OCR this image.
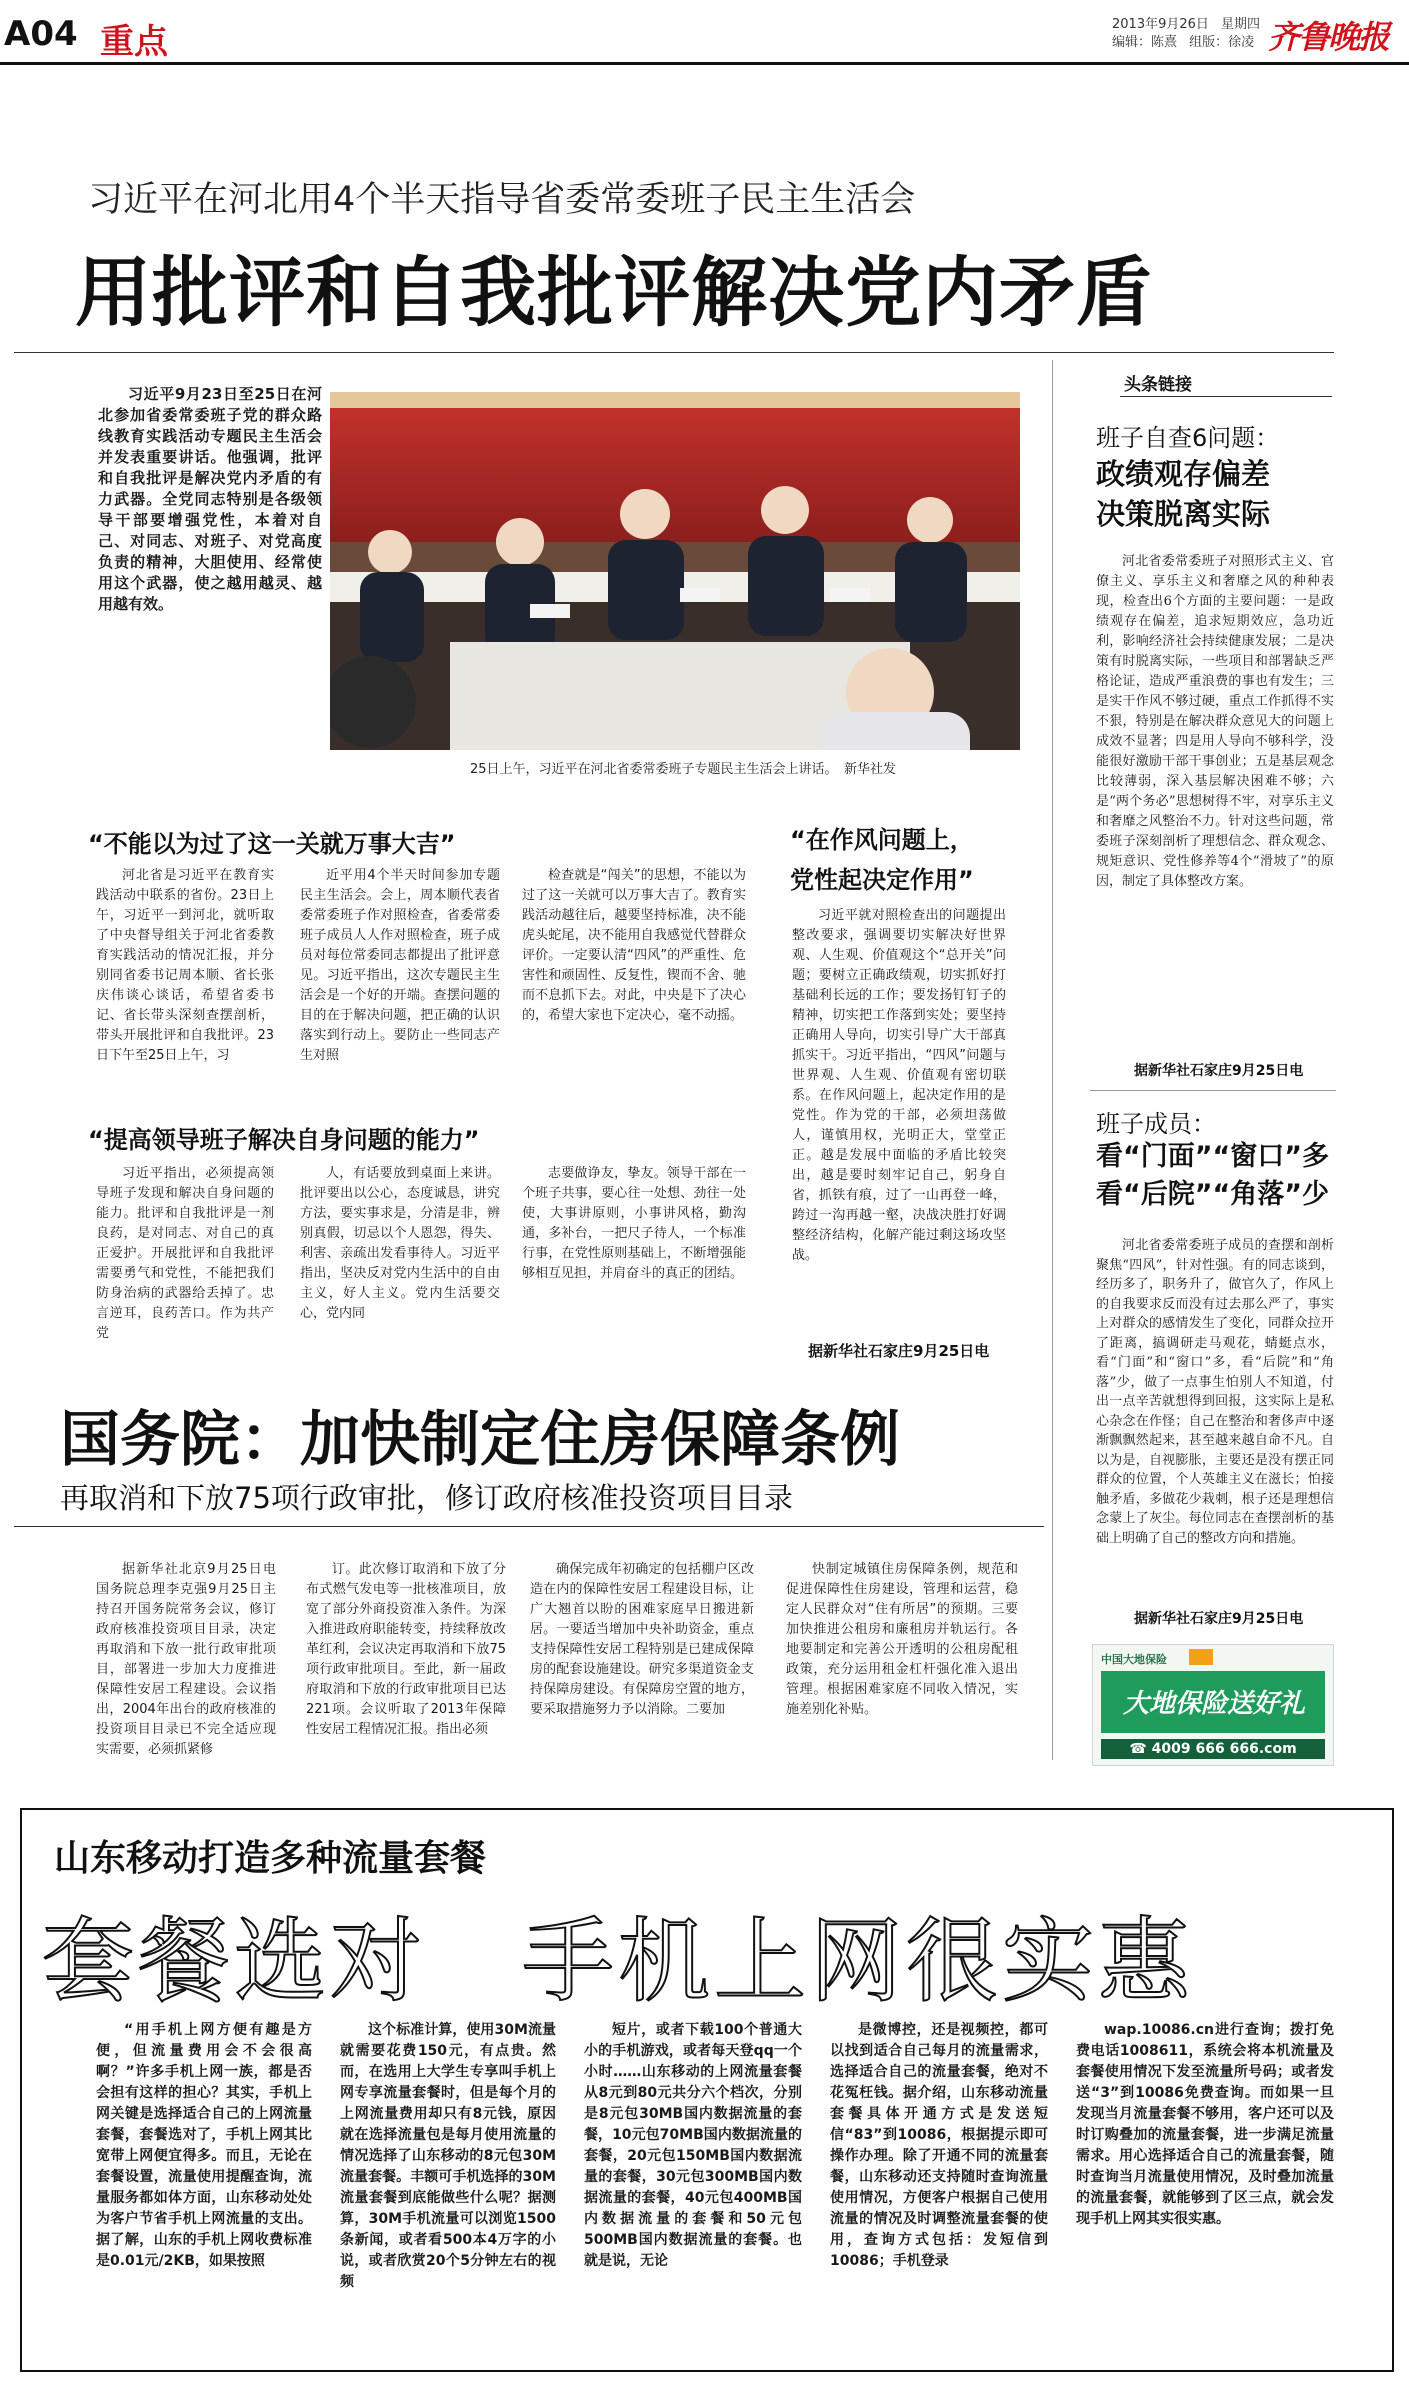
A04 重点	2013年9月26日 星期四
编辑：陈熹 组版：徐凌 齐鲁晚报
习近平在河北用4个半天指导省委常委班子民主生活会
用批评和自我批评解决党内矛盾

习近平9月23日至25日在河北参加省委常委班子党的群众路线教育实践活动专题民主生活会并发表重要讲话。他强调，批评和自我批评是解决党内矛盾的有力武器。全党同志特别是各级领导干部要增强党性，本着对自己、对同志、对班子、对党高度负责的精神，大胆使用、经常使用这个武器，使之越用越灵、越用越有效。

25日上午，习近平在河北省委常委班子专题民主生活会上讲话。　新华社发
“不能以为过了这一关就万事大吉”

河北省是习近平在教育实践活动中联系的省份。23日上午，习近平一到河北，就听取了中央督导组关于河北省委教育实践活动的情况汇报，并分别同省委书记周本顺、省长张庆伟谈心谈话，希望省委书记、省长带头深刻查摆剖析，带头开展批评和自我批评。23日下午至25日上午，习

近平用4个半天时间参加专题民主生活会。会上，周本顺代表省委常委班子作对照检查，省委常委班子成员人人作对照检查，班子成员对每位常委同志都提出了批评意见。习近平指出，这次专题民主生活会是一个好的开端。查摆问题的目的在于解决问题，把正确的认识落实到行动上。要防止一些同志产生对照

检查就是“闯关”的思想，不能以为过了这一关就可以万事大吉了。教育实践活动越往后，越要坚持标准，决不能虎头蛇尾，决不能用自我感觉代替群众评价。一定要认清“四风”的严重性、危害性和顽固性、反复性，锲而不舍、驰而不息抓下去。对此，中央是下了决心的，希望大家也下定决心，毫不动摇。

“提高领导班子解决自身问题的能力”

习近平指出，必须提高领导班子发现和解决自身问题的能力。批评和自我批评是一剂良药，是对同志、对自己的真正爱护。开展批评和自我批评需要勇气和党性，不能把我们防身治病的武器给丢掉了。忠言逆耳，良药苦口。作为共产党

人，有话要放到桌面上来讲。批评要出以公心，态度诚恳，讲究方法，要实事求是，分清是非，辨别真假，切忌以个人恩怨，得失、利害、亲疏出发看事待人。习近平指出，坚决反对党内生活中的自由主义，好人主义。党内生活要交心，党内同

志要做诤友，挚友。领导干部在一个班子共事，要心往一处想、劲往一处使，大事讲原则，小事讲风格，勤沟通，多补台，一把尺子待人，一个标准行事，在党性原则基础上，不断增强能够相互见担，并肩奋斗的真正的团结。

“在作风问题上，
党性起决定作用”

习近平就对照检查出的问题提出整改要求，强调要切实解决好世界观、人生观、价值观这个“总开关”问题；要树立正确政绩观，切实抓好打基础利长远的工作；要发扬钉钉子的精神，切实把工作落到实处；要坚持正确用人导向，切实引导广大干部真抓实干。习近平指出，“四风”问题与世界观、人生观、价值观有密切联系。在作风问题上，起决定作用的是党性。作为党的干部，必须坦荡做人，谨慎用权，光明正大，堂堂正正。越是发展中面临的矛盾比较突出，越是要时刻牢记自己，躬身自省，抓铁有痕，过了一山再登一峰，跨过一沟再越一壑，决战决胜打好调整经济结构，化解产能过剩这场攻坚战。

据新华社石家庄9月25日电
头条链接
班子自查6问题：
政绩观存偏差
决策脱离实际

河北省委常委班子对照形式主义、官僚主义、享乐主义和奢靡之风的种种表现，检查出6个方面的主要问题：一是政绩观存在偏差，追求短期效应，急功近利，影响经济社会持续健康发展；二是决策有时脱离实际，一些项目和部署缺乏严格论证，造成严重浪费的事也有发生；三是实干作风不够过硬，重点工作抓得不实不狠，特别是在解决群众意见大的问题上成效不显著；四是用人导向不够科学，没能很好激励干部干事创业；五是基层观念比较薄弱，深入基层解决困难不够；六是“两个务必”思想树得不牢，对享乐主义和奢靡之风整治不力。针对这些问题，常委班子深刻剖析了理想信念、群众观念、规矩意识、党性修养等4个“滑坡了”的原因，制定了具体整改方案。

据新华社石家庄9月25日电
班子成员：
看“门面”“窗口”多
看“后院”“角落”少

河北省委常委班子成员的查摆和剖析聚焦“四风”，针对性强。有的同志谈到，经历多了，职务升了，做官久了，作风上的自我要求反而没有过去那么严了，事实上对群众的感情发生了变化，同群众拉开了距离，搞调研走马观花，蜻蜓点水，看“门面”和“窗口”多，看“后院”和“角落”少，做了一点事生怕别人不知道，付出一点辛苦就想得到回报，这实际上是私心杂念在作怪；自己在整治和奢侈声中逐渐飘飘然起来，甚至越来越自命不凡。自以为是，自视膨胀，主要还是没有摆正同群众的位置，个人英雄主义在滋长；怕接触矛盾，多做花少栽刺，根子还是理想信念蒙上了灰尘。每位同志在查摆剖析的基础上明确了自己的整改方向和措施。

据新华社石家庄9月25日电
中国大地保险
大地保险送好礼
☎ 4009 666 666.com
国务院：加快制定住房保障条例
再取消和下放75项行政审批，修订政府核准投资项目目录

据新华社北京9月25日电　国务院总理李克强9月25日主持召开国务院常务会议，修订政府核准投资项目目录，决定再取消和下放一批行政审批项目，部署进一步加大力度推进保障性安居工程建设。会议指出，2004年出台的政府核准的投资项目目录已不完全适应现实需要，必须抓紧修

订。此次修订取消和下放了分布式燃气发电等一批核准项目，放宽了部分外商投资准入条件。为深入推进政府职能转变，持续释放改革红利，会议决定再取消和下放75项行政审批项目。至此，新一届政府取消和下放的行政审批项目已达221项。会议听取了2013年保障性安居工程情况汇报。指出必须

确保完成年初确定的包括棚户区改造在内的保障性安居工程建设目标，让广大翘首以盼的困难家庭早日搬进新居。一要适当增加中央补助资金，重点支持保障性安居工程特别是已建成保障房的配套设施建设。研究多渠道资金支持保障房建设。有保障房空置的地方，要采取措施努力予以消除。二要加

快制定城镇住房保障条例，规范和促进保障性住房建设，管理和运营，稳定人民群众对“住有所居”的预期。三要加快推进公租房和廉租房并轨运行。各地要制定和完善公开透明的公租房配租政策，充分运用租金杠杆强化准入退出管理。根据困难家庭不同收入情况，实施差别化补贴。

山东移动打造多种流量套餐
套餐选对　手机上网很实惠

“用手机上网方便有趣是方便，但流量费用会不会很高啊？”许多手机上网一族，都是否会担有这样的担心？其实，手机上网关键是选择适合自己的上网流量套餐，套餐选对了，手机上网其比宽带上网便宜得多。而且，无论在套餐设置，流量使用提醒查询，流量服务都如体方面，山东移动处处为客户节省手机上网流量的支出。据了解，山东的手机上网收费标准是0.01元/2KB，如果按照

这个标准计算，使用30M流量就需要花费150元，有点贵。然而，在选用上大学生专享叫手机上网专享流量套餐时，但是每个月的上网流量费用却只有8元钱，原因就在选择流量包是每月使用流量的情况选择了山东移动的8元包30M流量套餐。丰额可手机选择的30M流量套餐到底能做些什么呢？据测算，30M手机流量可以浏览1500条新闻，或者看500本4万字的小说，或者欣赏20个5分钟左右的视频

短片，或者下载100个普通大小的手机游戏，或者每天登qq一个小时……山东移动的上网流量套餐从8元到80元共分六个档次，分别是8元包30MB国内数据流量的套餐，10元包70MB国内数据流量的套餐，20元包150MB国内数据流量的套餐，30元包300MB国内数据流量的套餐，40元包400MB国内数据流量的套餐和50元包500MB国内数据流量的套餐。也就是说，无论

是微博控，还是视频控，都可以找到适合自己每月的流量需求，选择适合自己的流量套餐，绝对不花冤枉钱。据介绍，山东移动流量套餐具体开通方式是发送短信“83”到10086，根据提示即可操作办理。除了开通不同的流量套餐，山东移动还支持随时查询流量使用情况，方便客户根据自己使用流量的情况及时调整流量套餐的使用，查询方式包括：发短信到10086；手机登录

wap.10086.cn进行查询；拨打免费电话1008611，系统会将本机流量及套餐使用情况下发至流量所号码；或者发送“3”到10086免费查询。而如果一旦发现当月流量套餐不够用，客户还可以及时订购叠加的流量套餐，进一步满足流量需求。用心选择适合自己的流量套餐，随时查询当月流量使用情况，及时叠加流量的流量套餐，就能够到了区三点，就会发现手机上网其实很实惠。
